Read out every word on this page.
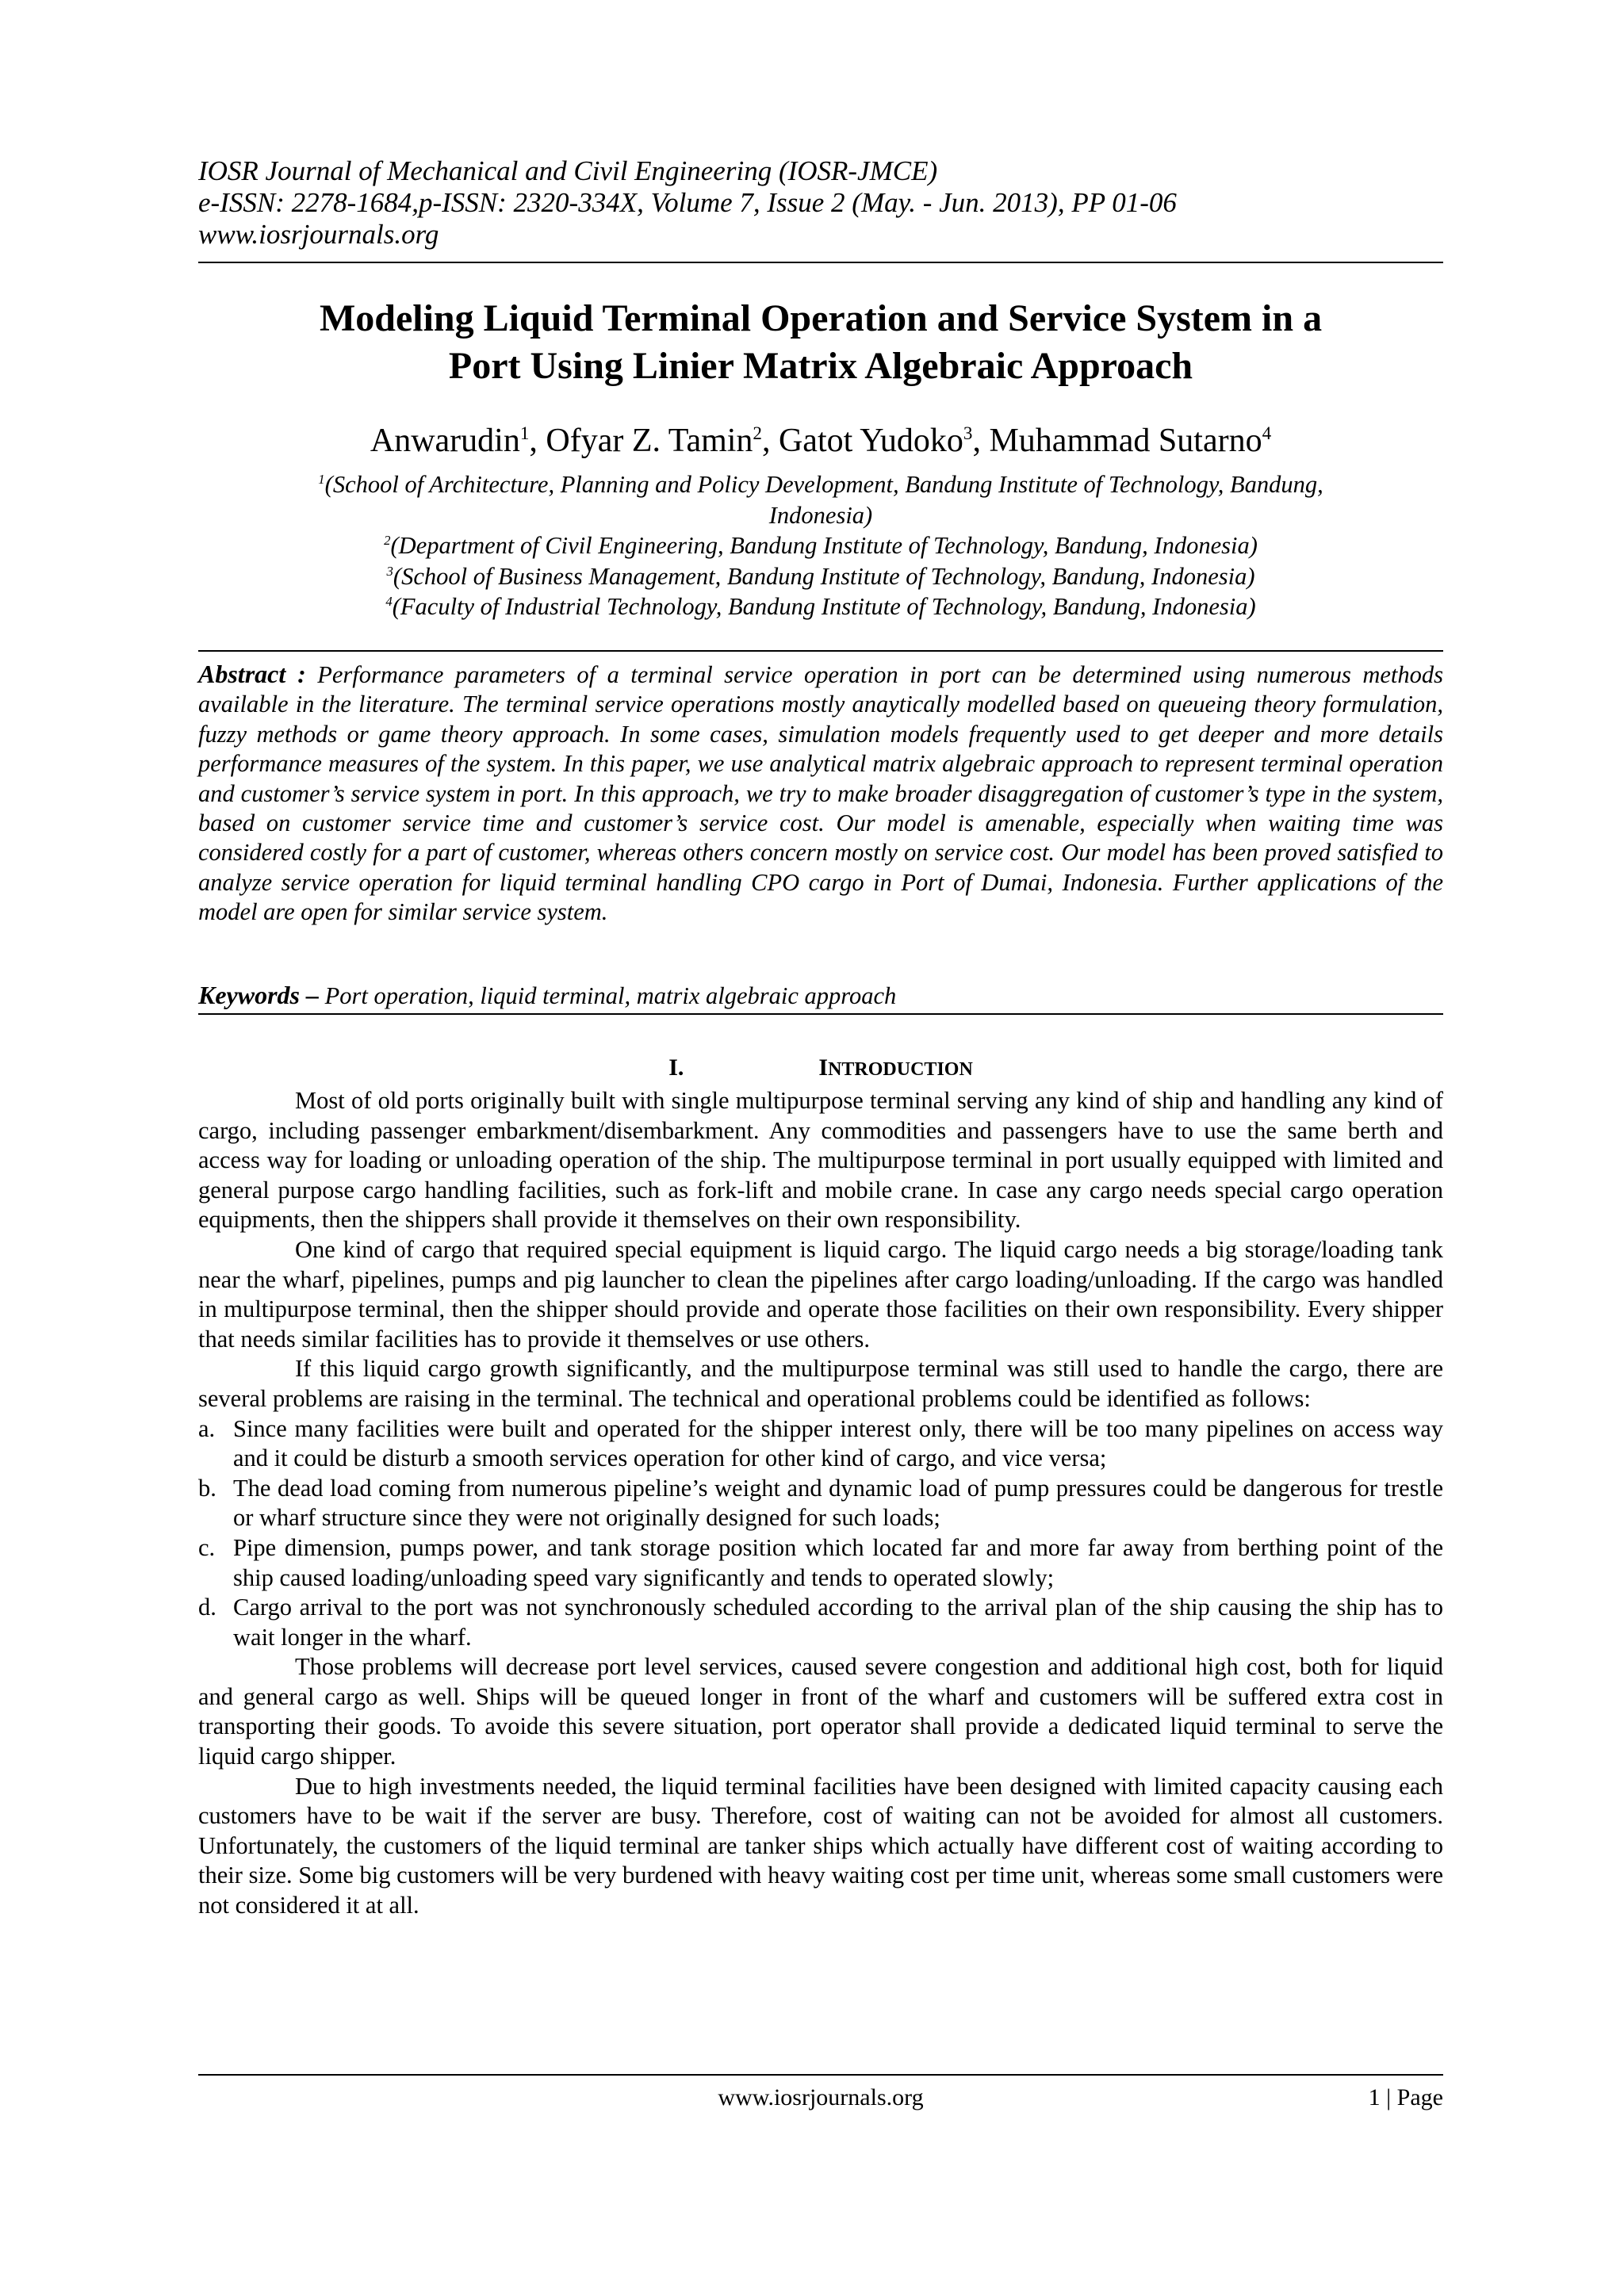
IOSR Journal of Mechanical and Civil Engineering (IOSR-JMCE)
e-ISSN: 2278-1684,p-ISSN: 2320-334X, Volume 7, Issue 2 (May. - Jun. 2013), PP 01-06
www.iosrjournals.org
Modeling Liquid Terminal Operation and Service System in a
Port Using Linier Matrix Algebraic Approach
Anwarudin$^1$, Ofyar Z. Tamin$^2$, Gatot Yudoko$^3$, Muhammad Sutarno$^4$
$^1$(School of Architecture, Planning and Policy Development, Bandung Institute of Technology, Bandung,
Indonesia)
$^2$(Department of Civil Engineering, Bandung Institute of Technology, Bandung, Indonesia)
$^3$(School of Business Management, Bandung Institute of Technology, Bandung, Indonesia)
$^4$(Faculty of Industrial Technology, Bandung Institute of Technology, Bandung, Indonesia)
Abstract : Performance parameters of a terminal service operation in port can be determined using numerous methods available in the literature. The terminal service operations mostly anaytically modelled based on queueing theory formulation, fuzzy methods or game theory approach. In some cases, simulation models frequently used to get deeper and more details performance measures of the system. In this paper, we use analytical matrix algebraic approach to represent terminal operation and customer’s service system in port. In this approach, we try to make broader disaggregation of customer’s type in the system, based on customer service time and customer’s service cost. Our model is amenable, especially when waiting time was considered costly for a part of customer, whereas others concern mostly on service cost. Our model has been proved satisfied to analyze service operation for liquid terminal handling CPO cargo in Port of Dumai, Indonesia. Further applications of the model are open for similar service system.
Keywords – Port operation, liquid terminal, matrix algebraic approach
I.	INTRODUCTION

Most of old ports originally built with single multipurpose terminal serving any kind of ship and handling any kind of cargo, including passenger embarkment/disembarkment. Any commodities and passengers have to use the same berth and access way for loading or unloading operation of the ship. The multipurpose terminal in port usually equipped with limited and general purpose cargo handling facilities, such as fork-lift and mobile crane. In case any cargo needs special cargo operation equipments, then the shippers shall provide it themselves on their own responsibility.

One kind of cargo that required special equipment is liquid cargo. The liquid cargo needs a big storage/loading tank near the wharf, pipelines, pumps and pig launcher to clean the pipelines after cargo loading/unloading. If the cargo was handled in multipurpose terminal, then the shipper should provide and operate those facilities on their own responsibility. Every shipper that needs similar facilities has to provide it themselves or use others.

If this liquid cargo growth significantly, and the multipurpose terminal was still used to handle the cargo, there are several problems are raising in the terminal. The technical and operational problems could be identified as follows:

a. Since many facilities were built and operated for the shipper interest only, there will be too many pipelines on access way and it could be disturb a smooth services operation for other kind of cargo, and vice versa;
b. The dead load coming from numerous pipeline’s weight and dynamic load of pump pressures could be dangerous for trestle or wharf structure since they were not originally designed for such loads;
c. Pipe dimension, pumps power, and tank storage position which located far and more far away from berthing point of the ship caused loading/unloading speed vary significantly and tends to operated slowly;
d. Cargo arrival to the port was not synchronously scheduled according to the arrival plan of the ship causing the ship has to wait longer in the wharf.

Those problems will decrease port level services, caused severe congestion and additional high cost, both for liquid and general cargo as well. Ships will be queued longer in front of the wharf and customers will be suffered extra cost in transporting their goods. To avoide this severe situation, port operator shall provide a dedicated liquid terminal to serve the liquid cargo shipper.

Due to high investments needed, the liquid terminal facilities have been designed with limited capacity causing each customers have to be wait if the server are busy. Therefore, cost of waiting can not be avoided for almost all customers. Unfortunately, the customers of the liquid terminal are tanker ships which actually have different cost of waiting according to their size. Some big customers will be very burdened with heavy waiting cost per time unit, whereas some small customers were not considered it at all.

www.iosrjournals.org	1 | Page
